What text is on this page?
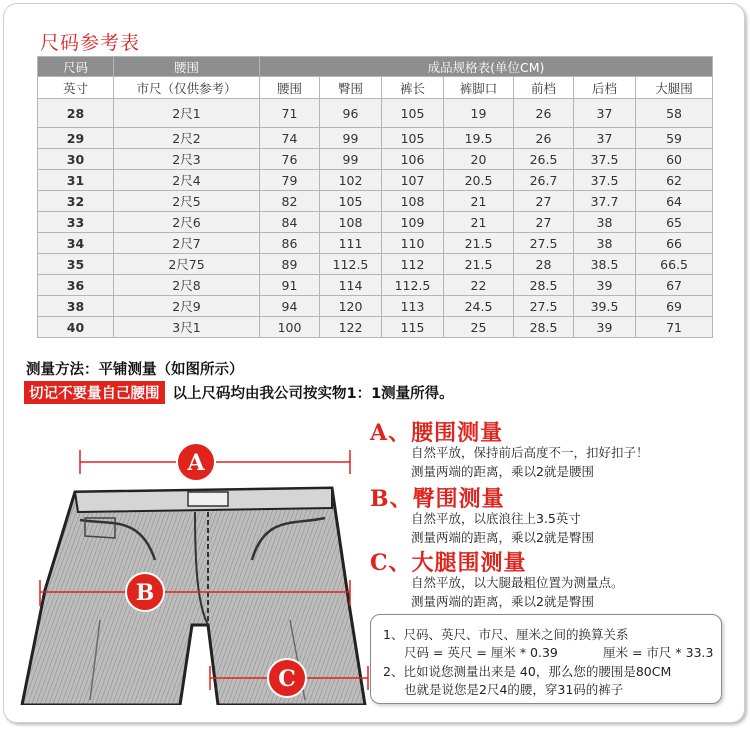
尺码参考表
尺码	腰围	成品规格表(单位CM)						
英寸	市尺（仅供参考）	腰围	臀围	裤长	裤脚口	前档	后档	大腿围
28	2尺1	71	96	105	19	26	37	58
29	2尺2	74	99	105	19.5	26	37	59
30	2尺3	76	99	106	20	26.5	37.5	60
31	2尺4	79	102	107	20.5	26.7	37.5	62
32	2尺5	82	105	108	21	27	37.7	64
33	2尺6	84	108	109	21	27	38	65
34	2尺7	86	111	110	21.5	27.5	38	66
35	2尺75	89	112.5	112	21.5	28	38.5	66.5
36	2尺8	91	114	112.5	22	28.5	39	67
38	2尺9	94	120	113	24.5	27.5	39.5	69
40	3尺1	100	122	115	25	28.5	39	71
测量方法：平铺测量（如图所示）
切记不要量自己腰围 以上尺码均由我公司按实物1：1测量所得。
A
B
C
A、腰围测量
自然平放，保持前后高度不一，扣好扣子！
测量两端的距离，乘以2就是腰围
B、臀围测量
自然平放，以底浪往上3.5英寸
测量两端的距离，乘以2就是臀围
C、大腿围测量
自然平放，以大腿最粗位置为测量点。
测量两端的距离，乘以2就是臀围
1、尺码、英尺、市尺、厘米之间的换算关系
尺码 = 英尺 = 厘米 * 0.39	厘米 = 市尺 * 33.3
2、比如说您测量出来是 40，那么您的腰围是80CM
也就是说您是2尺4的腰，穿31码的裤子
